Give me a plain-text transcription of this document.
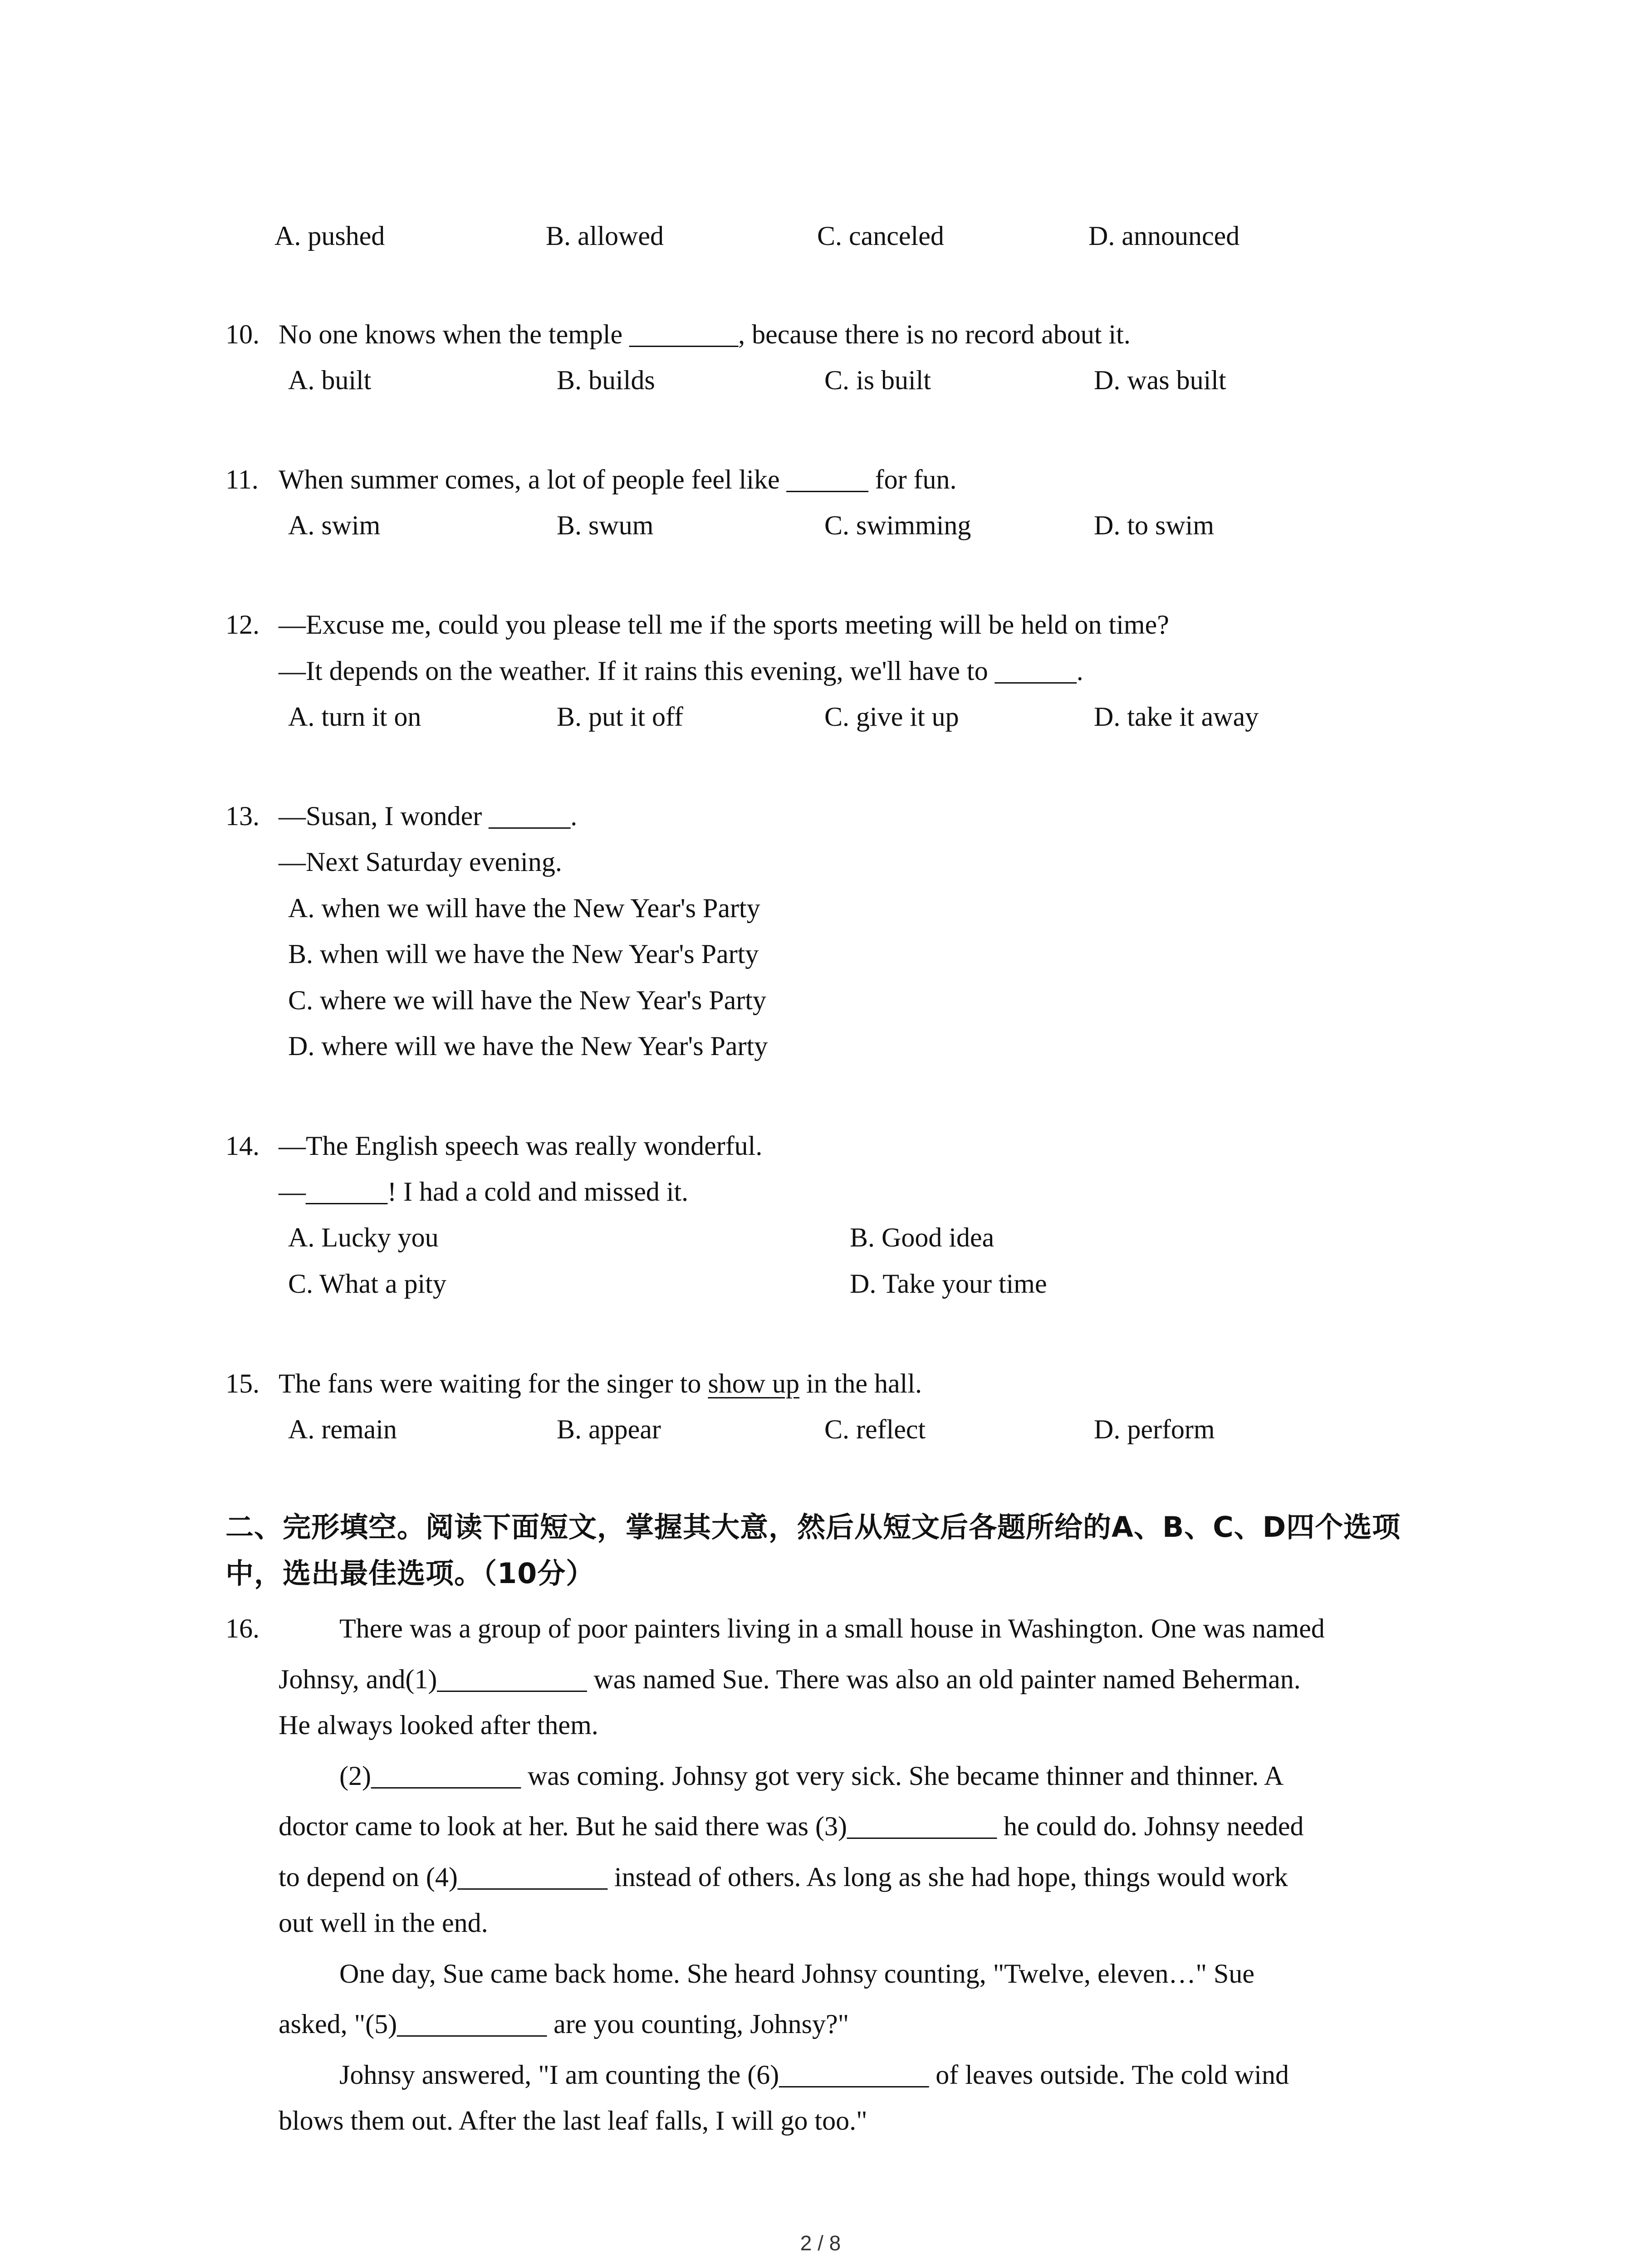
A. pushed	B. allowed	C. canceled	D. announced
10. No one knows when the temple ________, because there is no record about it.
A. built	B. builds	C. is built	D. was built
11. When summer comes, a lot of people feel like ______ for fun.
A. swim	B. swum	C. swimming	D. to swim
12. —Excuse me, could you please tell me if the sports meeting will be held on time?
—It depends on the weather. If it rains this evening, we'll have to ______.
A. turn it on	B. put it off	C. give it up	D. take it away
13. —Susan, I wonder ______.
—Next Saturday evening.
A. when we will have the New Year's Party
B. when will we have the New Year's Party
C. where we will have the New Year's Party
D. where will we have the New Year's Party
14. —The English speech was really wonderful.
—______! I had a cold and missed it.
A. Lucky you	B. Good idea
C. What a pity	D. Take your time
15. The fans were waiting for the singer to show up in the hall.
A. remain	B. appear	C. reflect	D. perform
二、完形填空。阅读下面短文，掌握其大意，然后从短文后各题所给的A、B、C、D四个选项
中，选出最佳选项。（10分）
16.	There was a group of poor painters living in a small house in Washington. One was named
Johnsy, and(1)___________ was named Sue. There was also an old painter named Beherman.
He always looked after them.
(2)___________ was coming. Johnsy got very sick. She became thinner and thinner. A
doctor came to look at her. But he said there was (3)___________ he could do. Johnsy needed
to depend on (4)___________ instead of others. As long as she had hope, things would work
out well in the end.
One day, Sue came back home. She heard Johnsy counting, "Twelve, eleven…" Sue
asked, "(5)___________ are you counting, Johnsy?"
Johnsy answered, "I am counting the (6)___________ of leaves outside. The cold wind
blows them out. After the last leaf falls, I will go too."
2 / 8
